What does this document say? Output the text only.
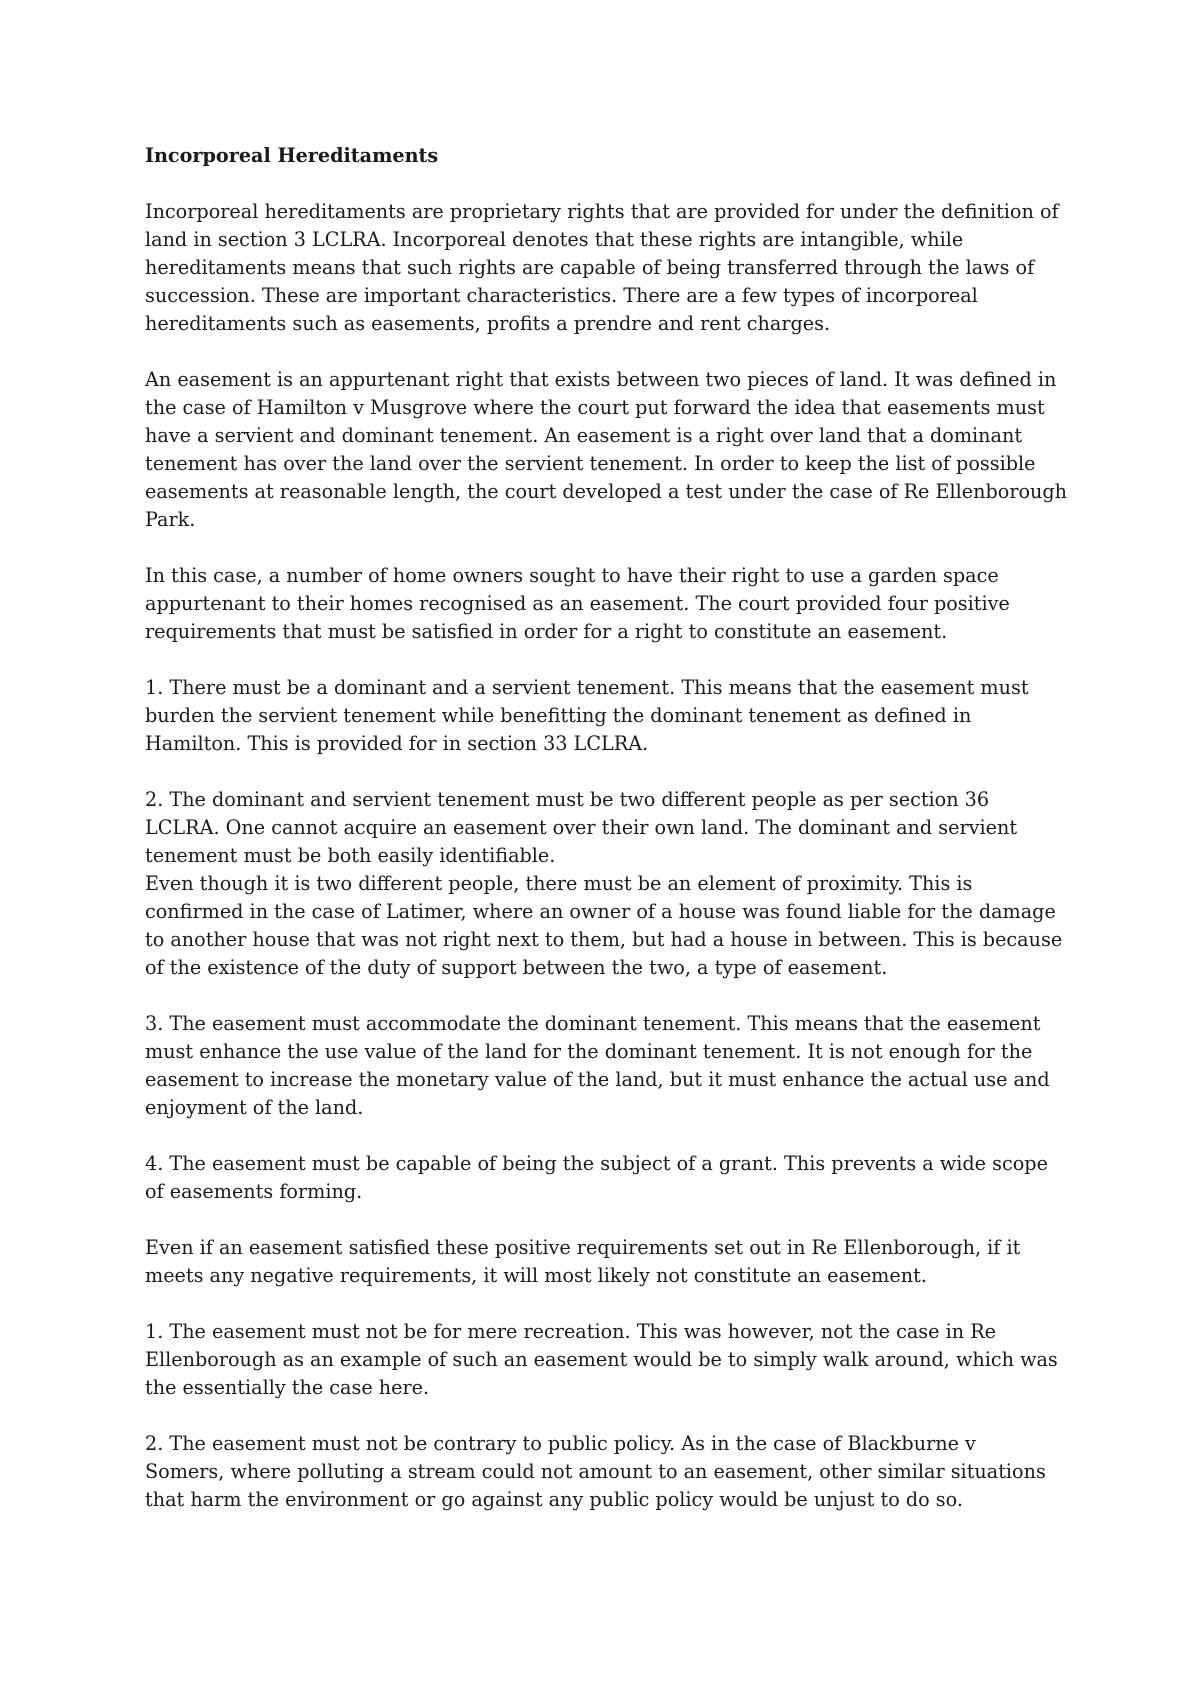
Incorporeal Hereditaments
Incorporeal hereditaments are proprietary rights that are provided for under the definition of
land in section 3 LCLRA. Incorporeal denotes that these rights are intangible, while
hereditaments means that such rights are capable of being transferred through the laws of
succession. These are important characteristics. There are a few types of incorporeal
hereditaments such as easements, profits a prendre and rent charges.
An easement is an appurtenant right that exists between two pieces of land. It was defined in
the case of Hamilton v Musgrove where the court put forward the idea that easements must
have a servient and dominant tenement. An easement is a right over land that a dominant
tenement has over the land over the servient tenement. In order to keep the list of possible
easements at reasonable length, the court developed a test under the case of Re Ellenborough
Park.
In this case, a number of home owners sought to have their right to use a garden space
appurtenant to their homes recognised as an easement. The court provided four positive
requirements that must be satisfied in order for a right to constitute an easement.
1. There must be a dominant and a servient tenement. This means that the easement must
burden the servient tenement while benefitting the dominant tenement as defined in
Hamilton. This is provided for in section 33 LCLRA.
2. The dominant and servient tenement must be two different people as per section 36
LCLRA. One cannot acquire an easement over their own land. The dominant and servient
tenement must be both easily identifiable.
Even though it is two different people, there must be an element of proximity. This is
confirmed in the case of Latimer, where an owner of a house was found liable for the damage
to another house that was not right next to them, but had a house in between. This is because
of the existence of the duty of support between the two, a type of easement.
3. The easement must accommodate the dominant tenement. This means that the easement
must enhance the use value of the land for the dominant tenement. It is not enough for the
easement to increase the monetary value of the land, but it must enhance the actual use and
enjoyment of the land.
4. The easement must be capable of being the subject of a grant. This prevents a wide scope
of easements forming.
Even if an easement satisfied these positive requirements set out in Re Ellenborough, if it
meets any negative requirements, it will most likely not constitute an easement.
1. The easement must not be for mere recreation. This was however, not the case in Re
Ellenborough as an example of such an easement would be to simply walk around, which was
the essentially the case here.
2. The easement must not be contrary to public policy. As in the case of Blackburne v
Somers, where polluting a stream could not amount to an easement, other similar situations
that harm the environment or go against any public policy would be unjust to do so.
